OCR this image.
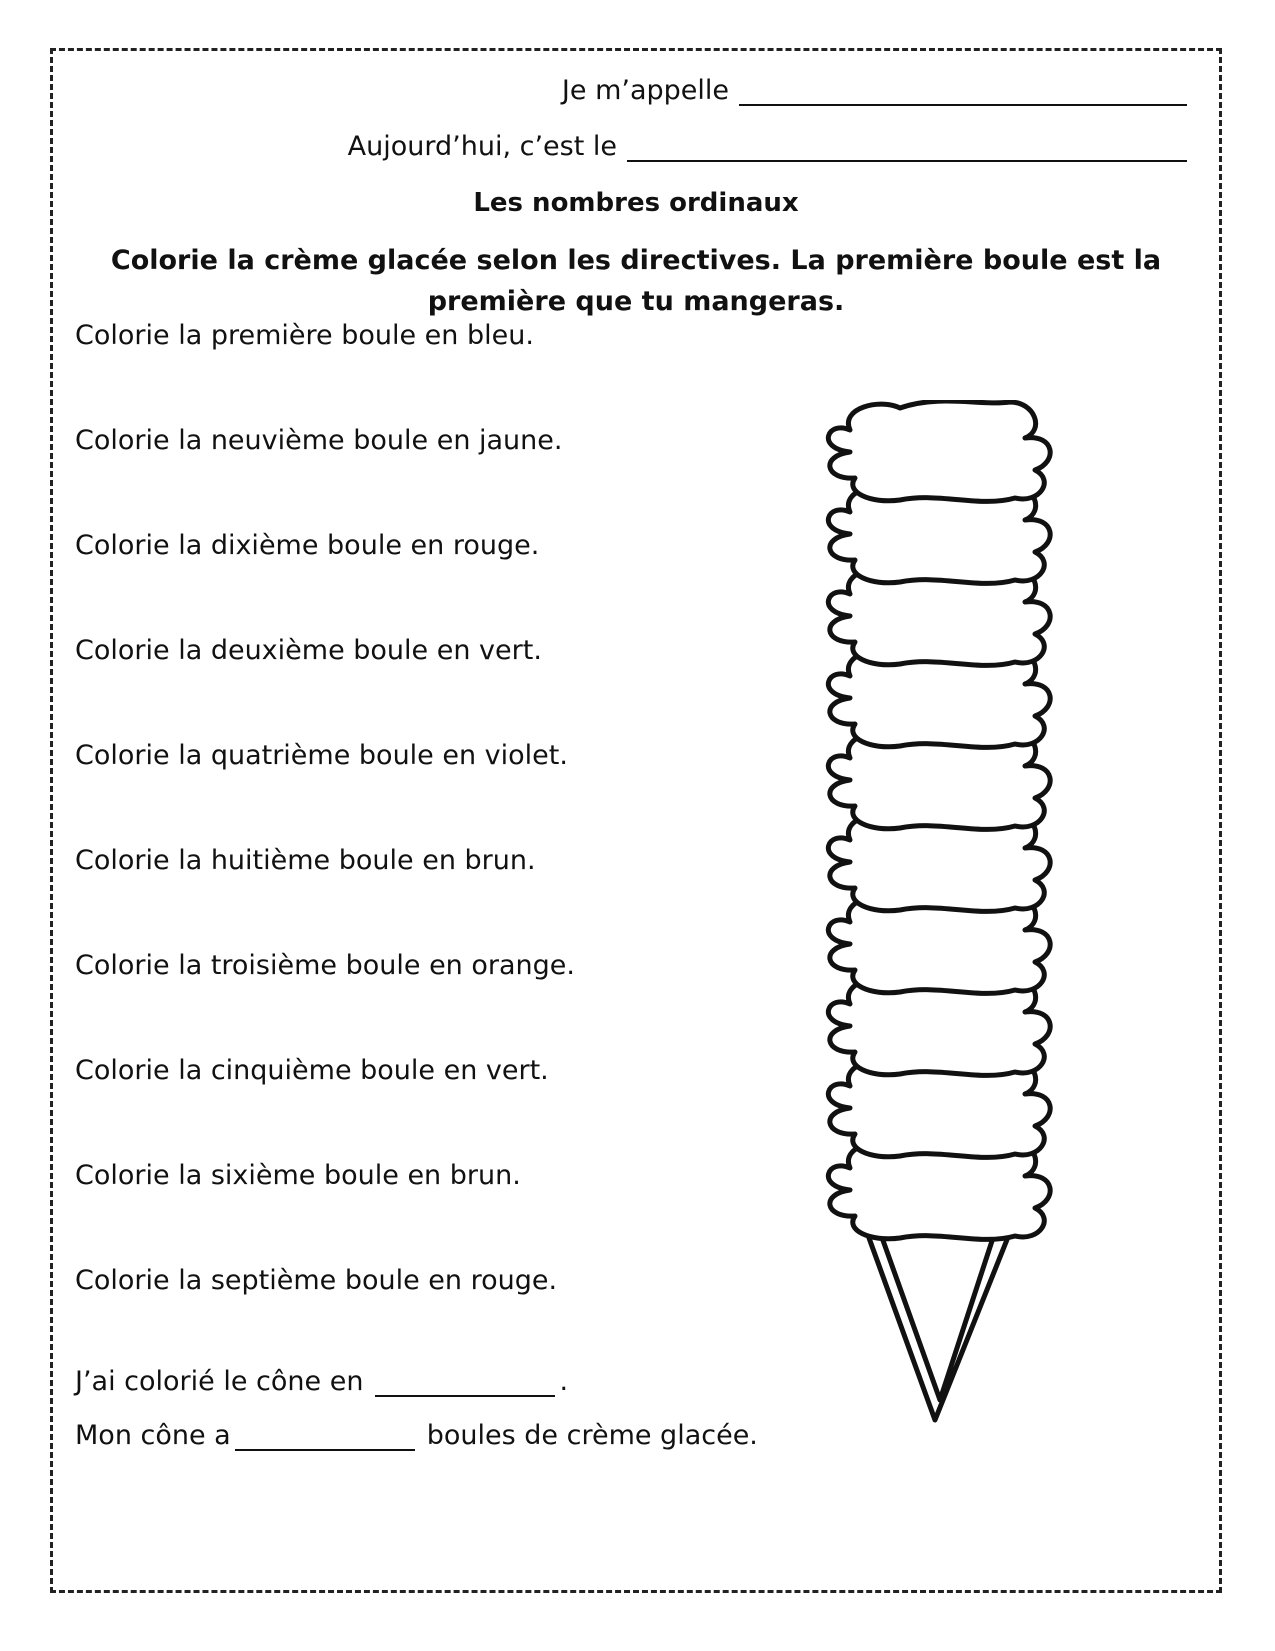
Je m’appelle
Aujourd’hui, c’est le
Les nombres ordinaux
Colorie la crème glacée selon les directives. La première boule est la première que tu mangeras.
Colorie la première boule en bleu.
Colorie la neuvième boule en jaune.
Colorie la dixième boule en rouge.
Colorie la deuxième boule en vert.
Colorie la quatrième boule en violet.
Colorie la huitième boule en brun.
Colorie la troisième boule en orange.
Colorie la cinquième boule en vert.
Colorie la sixième boule en brun.
Colorie la septième boule en rouge.
J’ai colorié le cône en	.
Mon cône a	boules de crème glacée.
